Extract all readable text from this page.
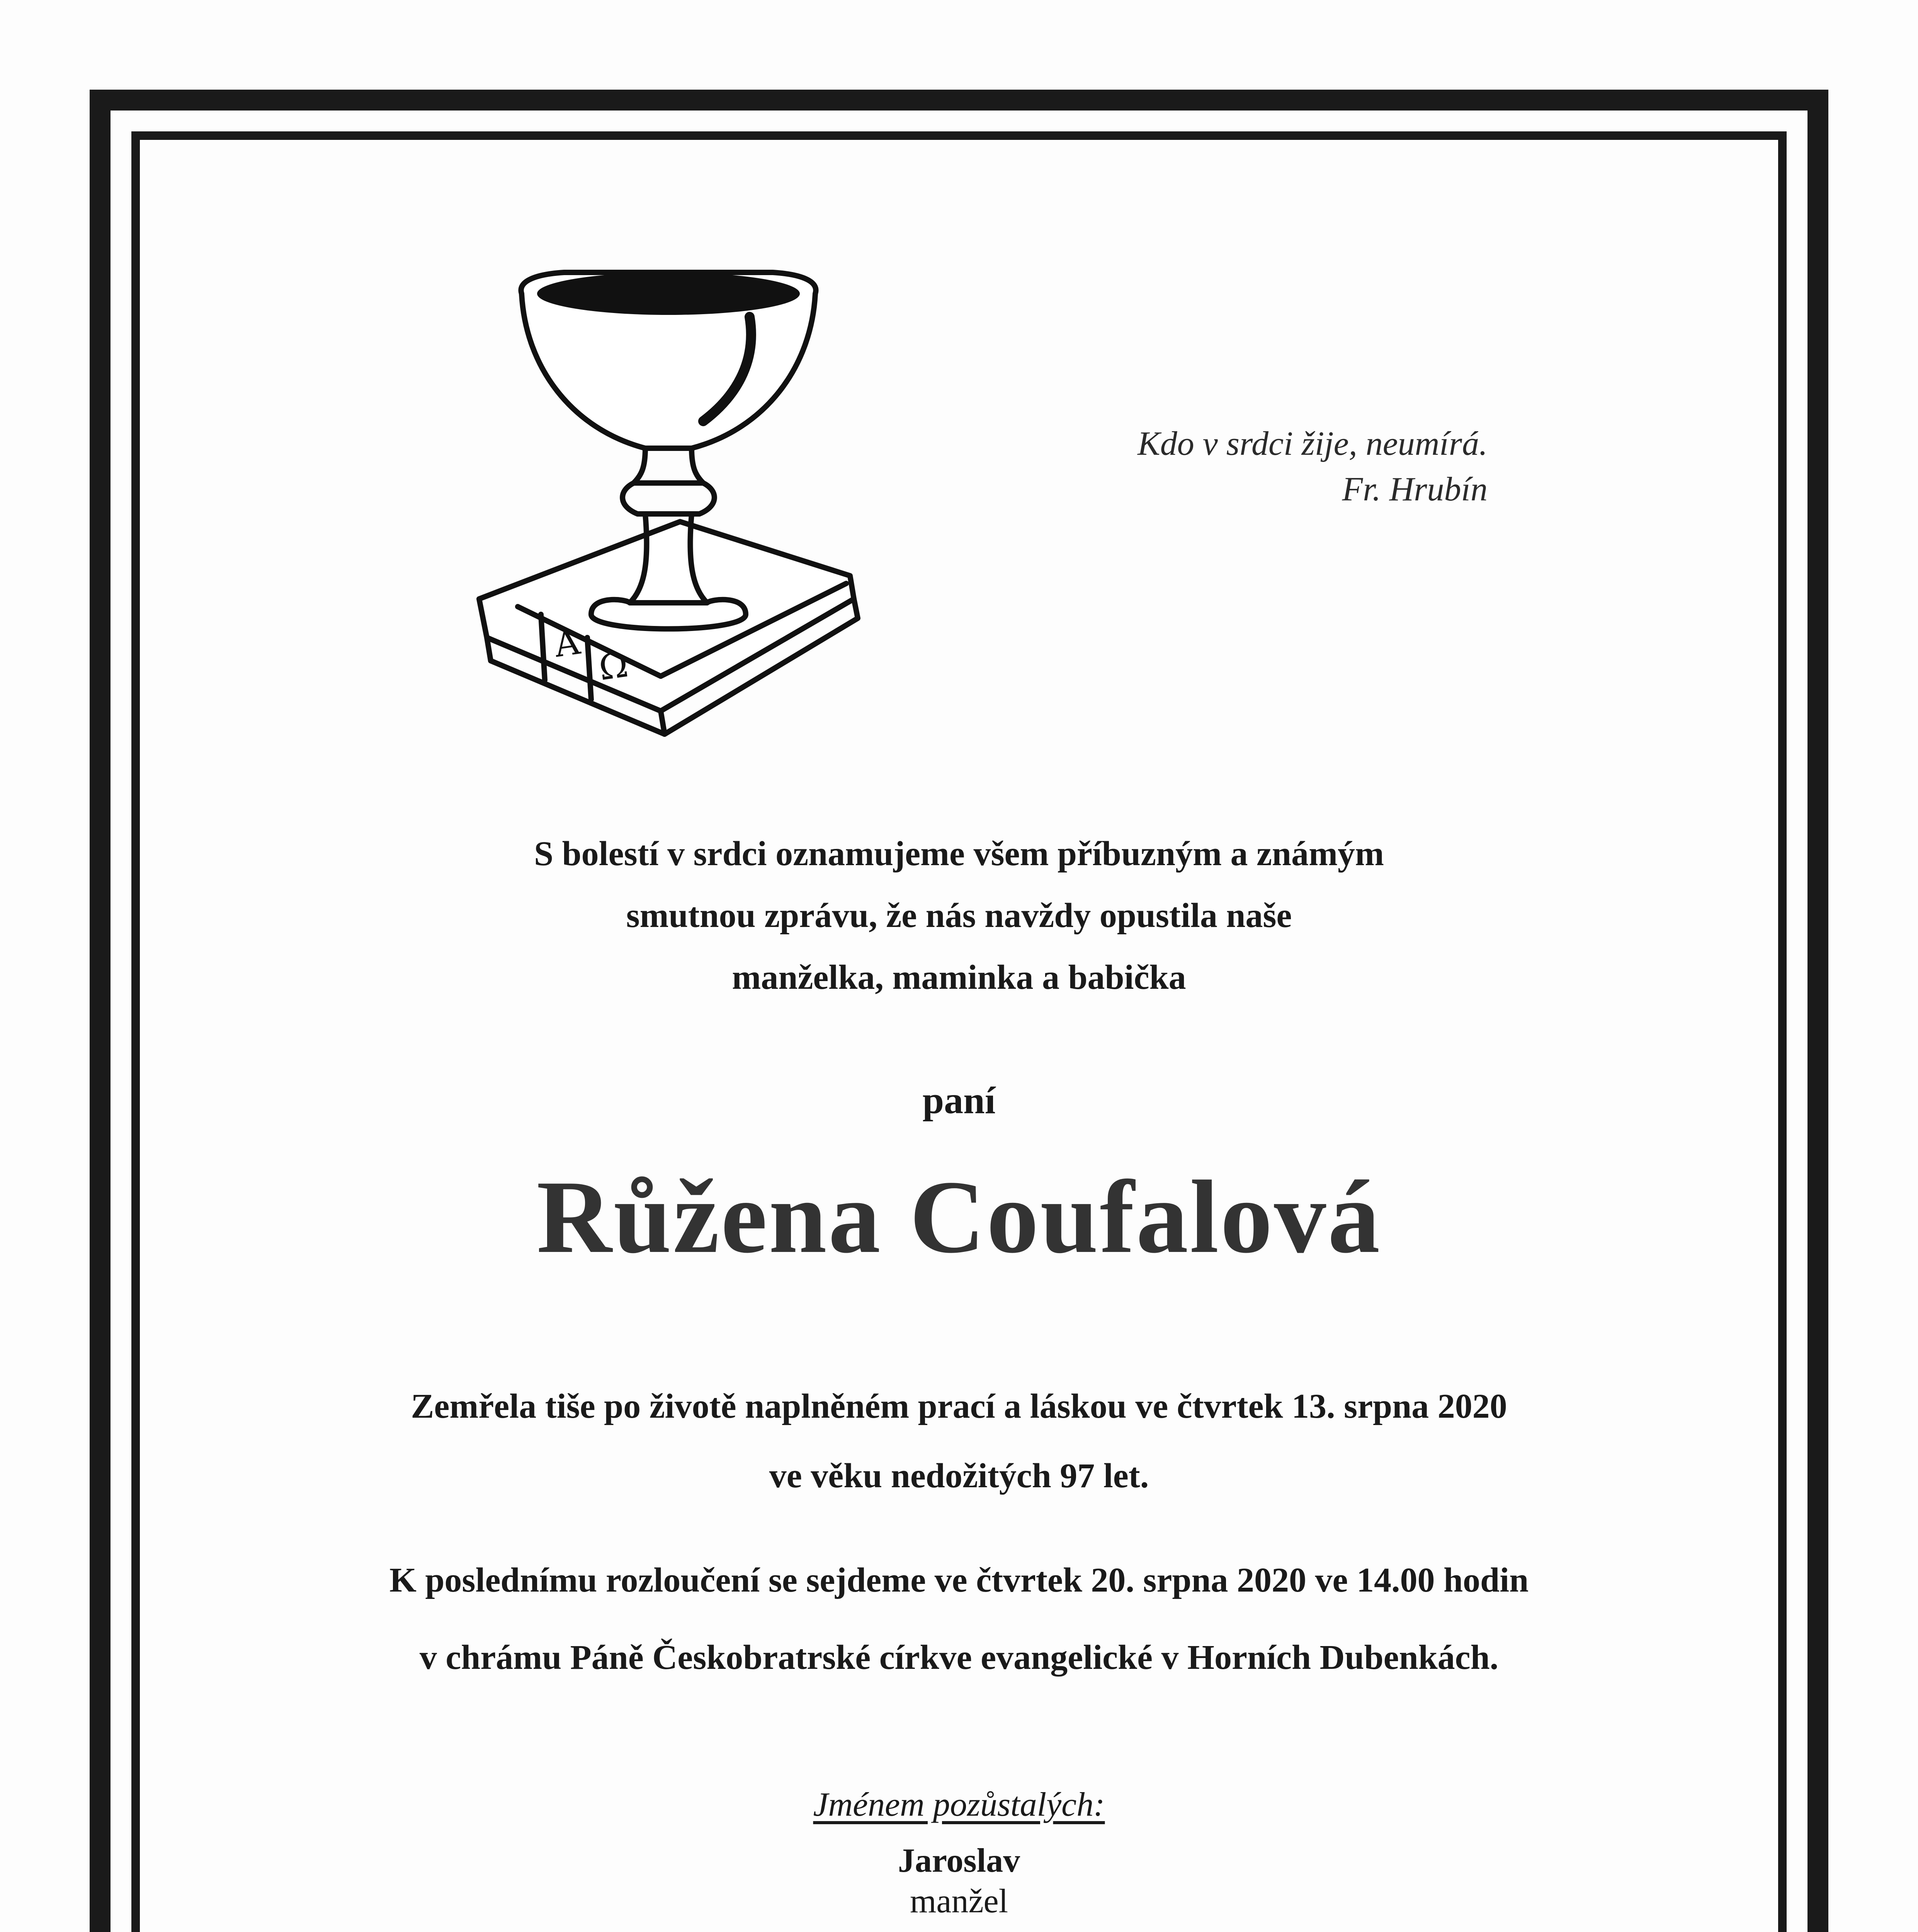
A
Ω
Kdo v srdci žije, neumírá.
Fr. Hrubín
S bolestí v srdci oznamujeme všem příbuzným a známým
smutnou zprávu, že nás navždy opustila naše
manželka, maminka a babička
paní
Růžena Coufalová
Zemřela tiše po životě naplněném prací a láskou ve čtvrtek 13. srpna 2020
ve věku nedožitých 97 let.
K poslednímu rozloučení se sejdeme ve čtvrtek 20. srpna 2020 ve 14.00 hodin
v chrámu Páně Českobratrské církve evangelické v Horních Dubenkách.
Jménem pozůstalých:
Jaroslav
manžel
